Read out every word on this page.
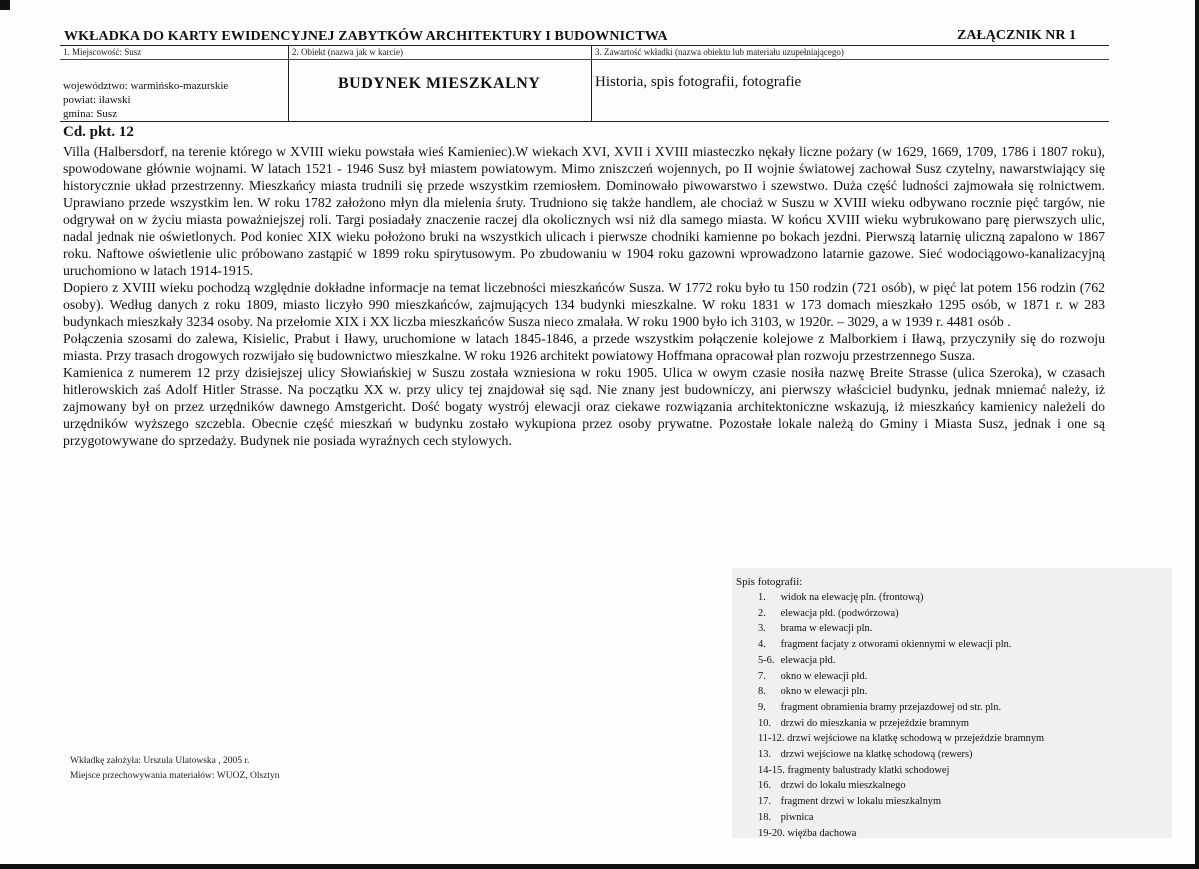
WKŁADKA DO KARTY EWIDENCYJNEJ ZABYTKÓW ARCHITEKTURY I BUDOWNICTWA	ZAŁĄCZNIK NR 1
1. Miejscowość: Susz	2. Obiekt (nazwa jak w karcie)	3. Zawartość wkładki (nazwa obiektu lub materiału uzupełniającego)
województwo: warmińsko-mazurskie
powiat: iławski
gmina: Susz
BUDYNEK MIESZKALNY	Historia, spis fotografii, fotografie
Cd. pkt. 12

Villa (Halbersdorf, na terenie którego w XVIII wieku powstała wieś Kamieniec).W wiekach XVI, XVII i XVIII miasteczko nękały liczne pożary (w 1629, 1669, 1709, 1786 i 1807 roku), spowodowane głównie wojnami. W latach 1521 - 1946 Susz był miastem powiatowym. Mimo zniszczeń wojennych, po II wojnie światowej zachował Susz czytelny, nawarstwiający się historycznie układ przestrzenny. Mieszkańcy miasta trudnili się przede wszystkim rzemiosłem. Dominowało piwowarstwo i szewstwo. Duża część ludności zajmowała się rolnictwem. Uprawiano przede wszystkim len. W roku 1782 założono młyn dla mielenia śruty. Trudniono się także handlem, ale chociaż w Suszu w XVIII wieku odbywano rocznie pięć targów, nie odgrywał on w życiu miasta poważniejszej roli. Targi posiadały znaczenie raczej dla okolicznych wsi niż dla samego miasta. W końcu XVIII wieku wybrukowano parę pierwszych ulic, nadal jednak nie oświetlonych. Pod koniec XIX wieku położono bruki na wszystkich ulicach i pierwsze chodniki kamienne po bokach jezdni. Pierwszą latarnię uliczną zapalono w 1867 roku. Naftowe oświetlenie ulic próbowano zastąpić w 1899 roku spirytusowym. Po zbudowaniu w 1904 roku gazowni wprowadzono latarnie gazowe. Sieć wodociągowo-kanalizacyjną uruchomiono w latach 1914-1915.

Dopiero z XVIII wieku pochodzą względnie dokładne informacje na temat liczebności mieszkańców Susza. W 1772 roku było tu 150 rodzin (721 osób), w pięć lat potem 156 rodzin (762 osoby). Według danych z roku 1809, miasto liczyło 990 mieszkańców, zajmujących 134 budynki mieszkalne. W roku 1831 w 173 domach mieszkało 1295 osób, w 1871 r. w 283 budynkach mieszkały 3234 osoby. Na przełomie XIX i XX liczba mieszkańców Susza nieco zmalała. W roku 1900 było ich 3103, w 1920r. – 3029, a w 1939 r. 4481 osób .

Połączenia szosami do zalewa, Kisielic, Prabut i Iławy, uruchomione w latach 1845-1846, a przede wszystkim połączenie kolejowe z Malborkiem i Iławą, przyczyniły się do rozwoju miasta. Przy trasach drogowych rozwijało się budownictwo mieszkalne. W roku 1926 architekt powiatowy Hoffmana opracował plan rozwoju przestrzennego Susza.

Kamienica z numerem 12 przy dzisiejszej ulicy Słowiańskiej w Suszu została wzniesiona w roku 1905. Ulica w owym czasie nosiła nazwę Breite Strasse (ulica Szeroka), w czasach hitlerowskich zaś Adolf Hitler Strasse. Na początku XX w. przy ulicy tej znajdował się sąd. Nie znany jest budowniczy, ani pierwszy właściciel budynku, jednak mniemać należy, iż zajmowany był on przez urzędników dawnego Amstgericht. Dość bogaty wystrój elewacji oraz ciekawe rozwiązania architektoniczne wskazują, iż mieszkańcy kamienicy należeli do urzędników wyższego szczebla. Obecnie część mieszkań w budynku zostało wykupiona przez osoby prywatne. Pozostałe lokale należą do Gminy i Miasta Susz, jednak i one są przygotowywane do sprzedaży. Budynek nie posiada wyraźnych cech stylowych.

Spis fotografii:
1. widok na elewację pln. (frontową)
2. elewacja płd. (podwórzowa)
3. brama w elewacji pln.
4. fragment facjaty z otworami okiennymi w elewacji pln.
5-6. elewacja płd.
7. okno w elewacji płd.
8. okno w elewacji pln.
9. fragment obramienia bramy przejazdowej od str. pln.
10. drzwi do mieszkania w przejeździe bramnym
11-12. drzwi wejściowe na klatkę schodową w przejeździe bramnym
13. drzwi wejściowe na klatkę schodową (rewers)
14-15. fragmenty balustrady klatki schodowej
16. drzwi do lokalu mieszkalnego
17. fragment drzwi w lokalu mieszkalnym
18. piwnica
19-20. więźba dachowa
Wkładkę założyła: Urszula Ulatowska , 2005 r.
Miejsce przechowywania materiałów: WUOZ, Olsztyn
